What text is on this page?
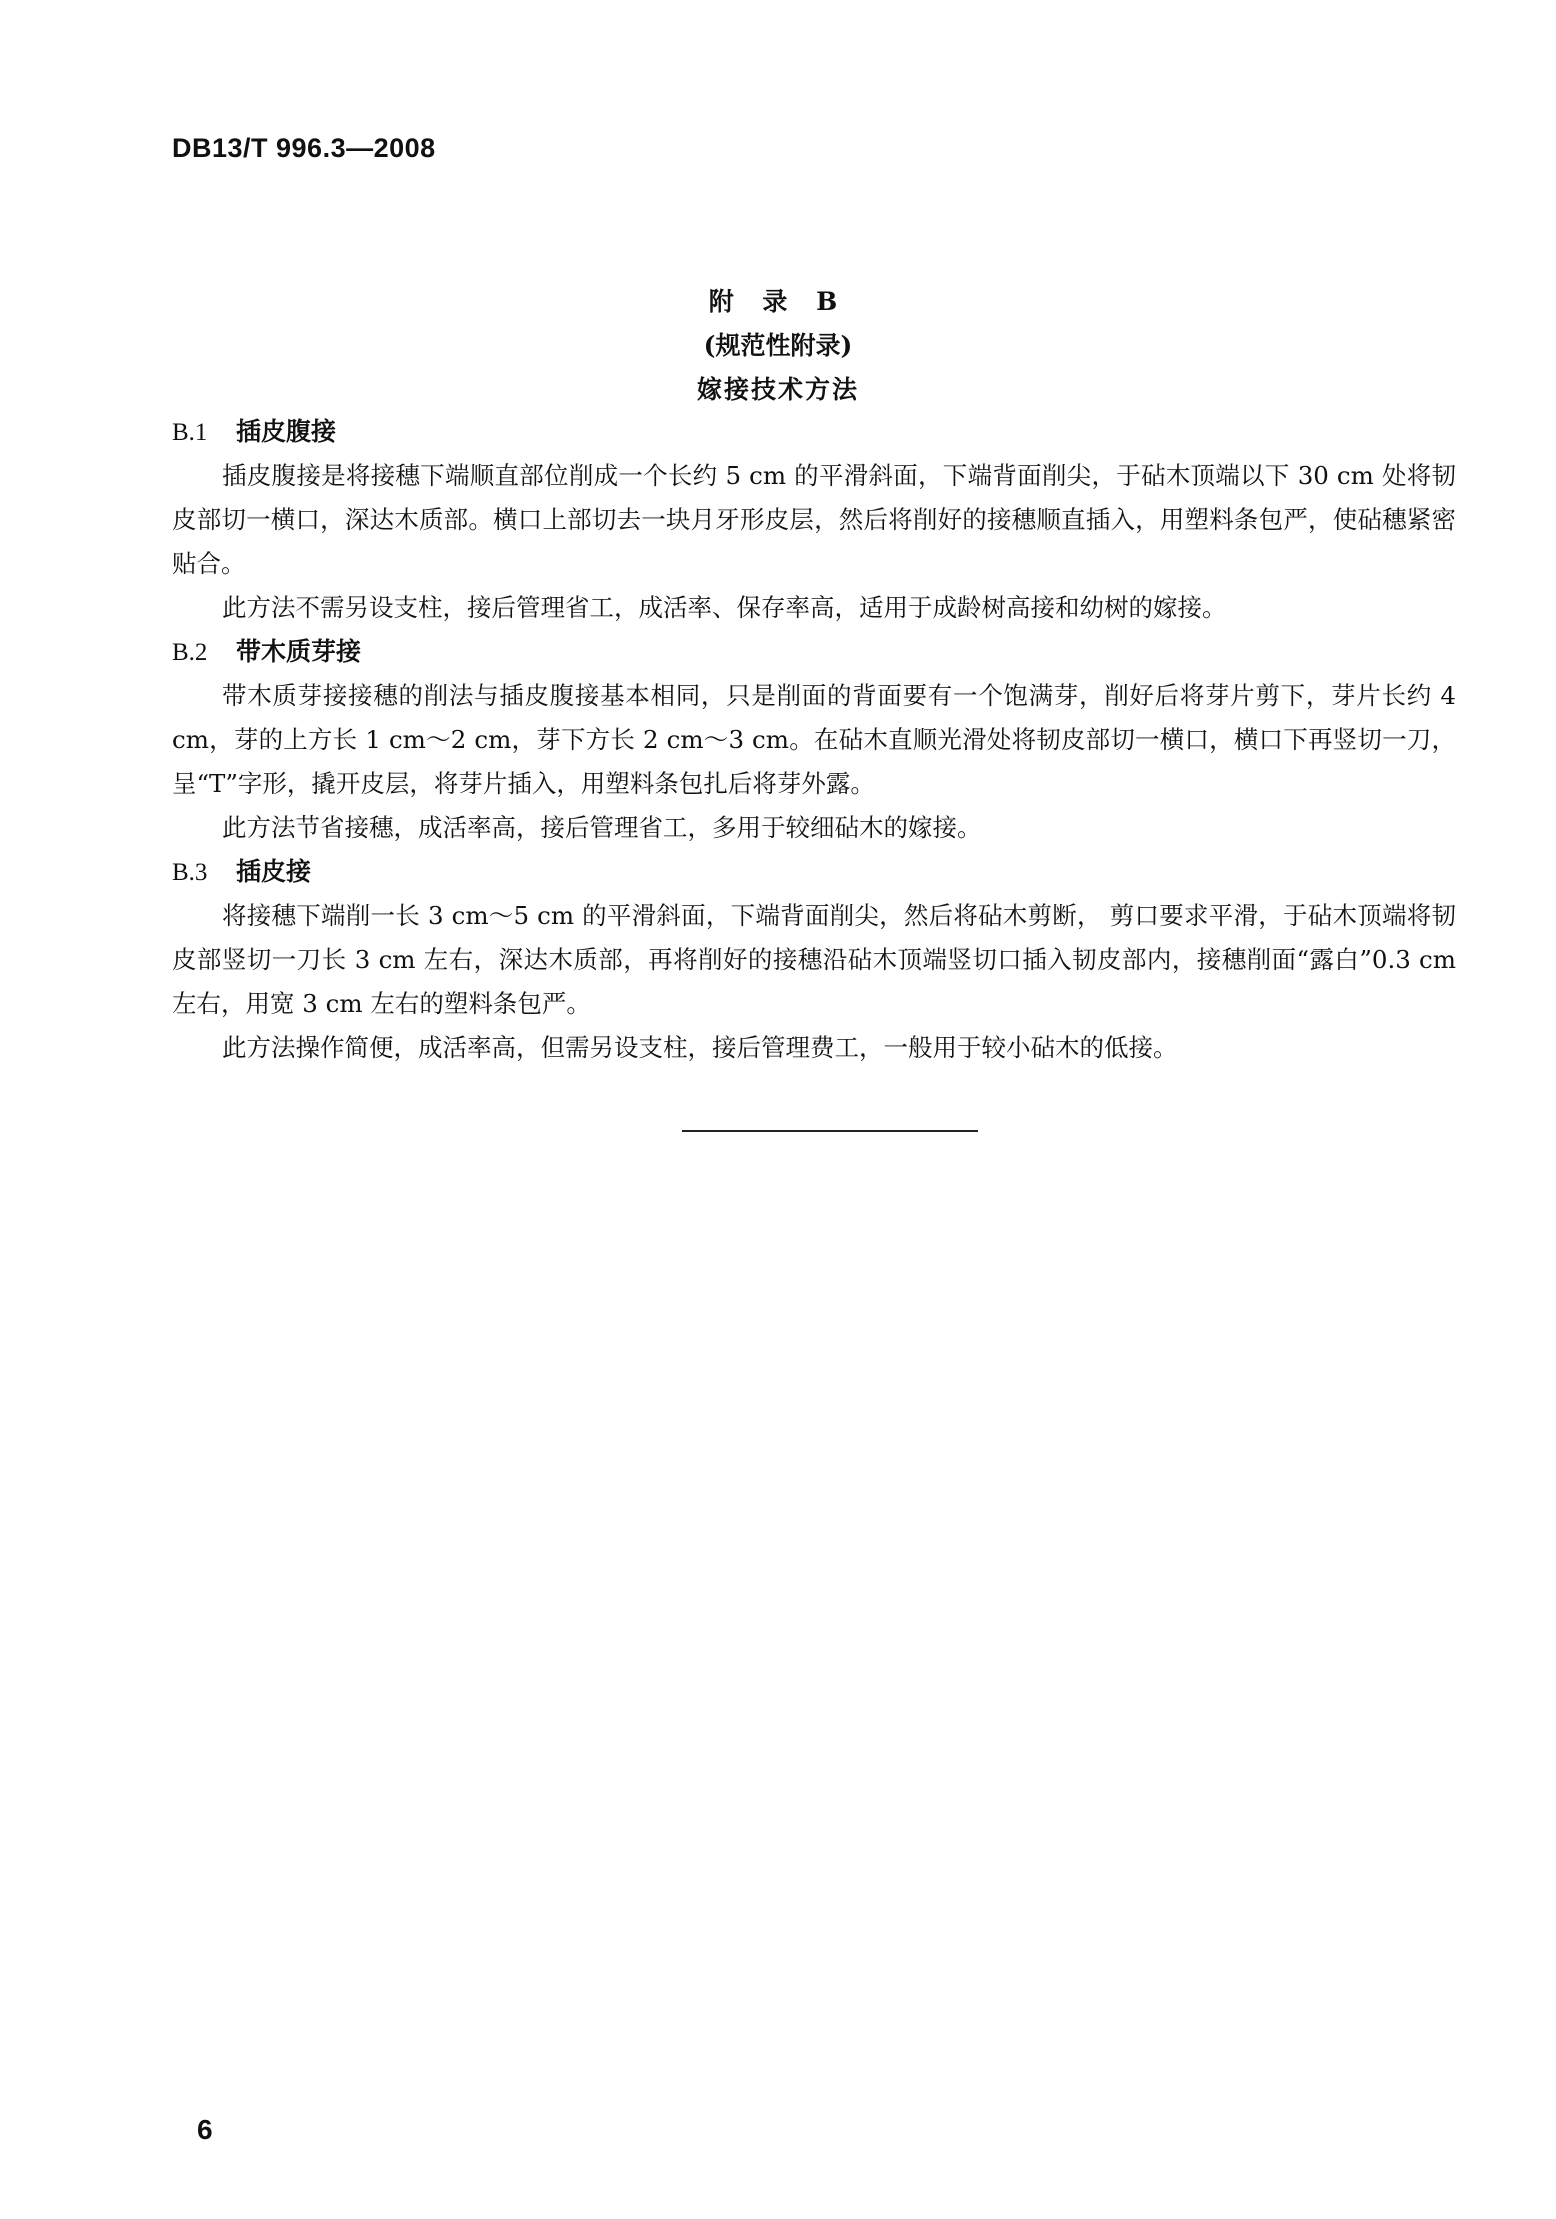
DB13/T 996.3—2008
附 录 B
(规范性附录)
嫁接技术方法
B.1 插皮腹接

插皮腹接是将接穗下端顺直部位削成一个长约 5 cm 的平滑斜面，下端背面削尖，于砧木顶端以下 30 cm 处将韧皮部切一横口，深达木质部。横口上部切去一块月牙形皮层，然后将削好的接穗顺直插入，用塑料条包严，使砧穗紧密贴合。

此方法不需另设支柱，接后管理省工，成活率、保存率高，适用于成龄树高接和幼树的嫁接。

B.2 带木质芽接

带木质芽接接穗的削法与插皮腹接基本相同，只是削面的背面要有一个饱满芽，削好后将芽片剪下，芽片长约 4 cm，芽的上方长 1 cm～2 cm，芽下方长 2 cm～3 cm。在砧木直顺光滑处将韧皮部切一横口，横口下再竖切一刀，呈“T”字形，撬开皮层，将芽片插入，用塑料条包扎后将芽外露。

此方法节省接穗，成活率高，接后管理省工，多用于较细砧木的嫁接。

B.3 插皮接

将接穗下端削一长 3 cm～5 cm 的平滑斜面，下端背面削尖，然后将砧木剪断， 剪口要求平滑，于砧木顶端将韧皮部竖切一刀长 3 cm 左右，深达木质部，再将削好的接穗沿砧木顶端竖切口插入韧皮部内，接穗削面“露白”0.3 cm 左右，用宽 3 cm 左右的塑料条包严。

此方法操作简便，成活率高，但需另设支柱，接后管理费工，一般用于较小砧木的低接。

6
